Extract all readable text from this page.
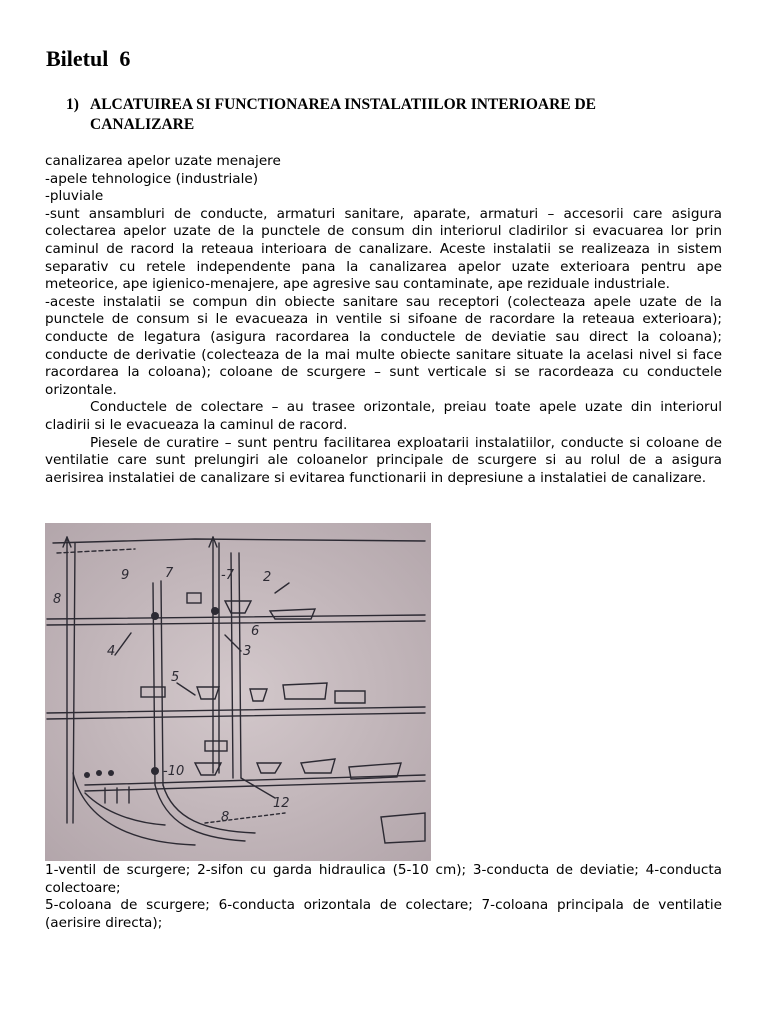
Biletul  6
1) ALCATUIREA SI FUNCTIONAREA INSTALATIILOR INTERIOARE DE CANALIZARE

canalizarea apelor uzate menajere

-apele tehnologice (industriale)

-pluviale

-sunt ansambluri de conducte, armaturi sanitare, aparate, armaturi – accesorii care asigura colectarea apelor uzate de la punctele de consum din interiorul cladirilor si evacuarea lor prin caminul de racord la reteaua interioara de canalizare. Aceste instalatii se realizeaza in sistem separativ cu retele independente pana la canalizarea apelor uzate exterioara pentru ape meteorice, ape igienico-menajere, ape agresive sau contaminate, ape reziduale industriale.

-aceste instalatii se compun din obiecte sanitare sau receptori (colecteaza apele uzate de la punctele de consum si le evacueaza in ventile si sifoane de racordare la reteaua exterioara); conducte de legatura (asigura racordarea la conductele de deviatie sau direct la coloana); conducte de derivatie (colecteaza de la mai multe obiecte sanitare situate la acelasi nivel si face racordarea la coloana); coloane de scurgere – sunt verticale si se racordeaza cu conductele orizontale.

Conductele de colectare – au trasee orizontale, preiau toate apele uzate din interiorul cladirii si le evacueaza la caminul de racord.

Piesele de curatire – sunt pentru facilitarea exploatarii instalatiilor, conducte si coloane de ventilatie care sunt prelungiri ale coloanelor principale de scurgere si au rolul de a asigura aerisirea instalatiei de canalizare si evitarea functionarii in depresiune a instalatiei de canalizare.

9	7	-7 2
8
5
6
3
4
-10
12
8

1-ventil de scurgere; 2-sifon cu garda hidraulica (5-10 cm); 3-conducta de deviatie; 4-conducta colectoare;

5-coloana de scurgere; 6-conducta orizontala de colectare; 7-coloana principala de ventilatie (aerisire directa);
